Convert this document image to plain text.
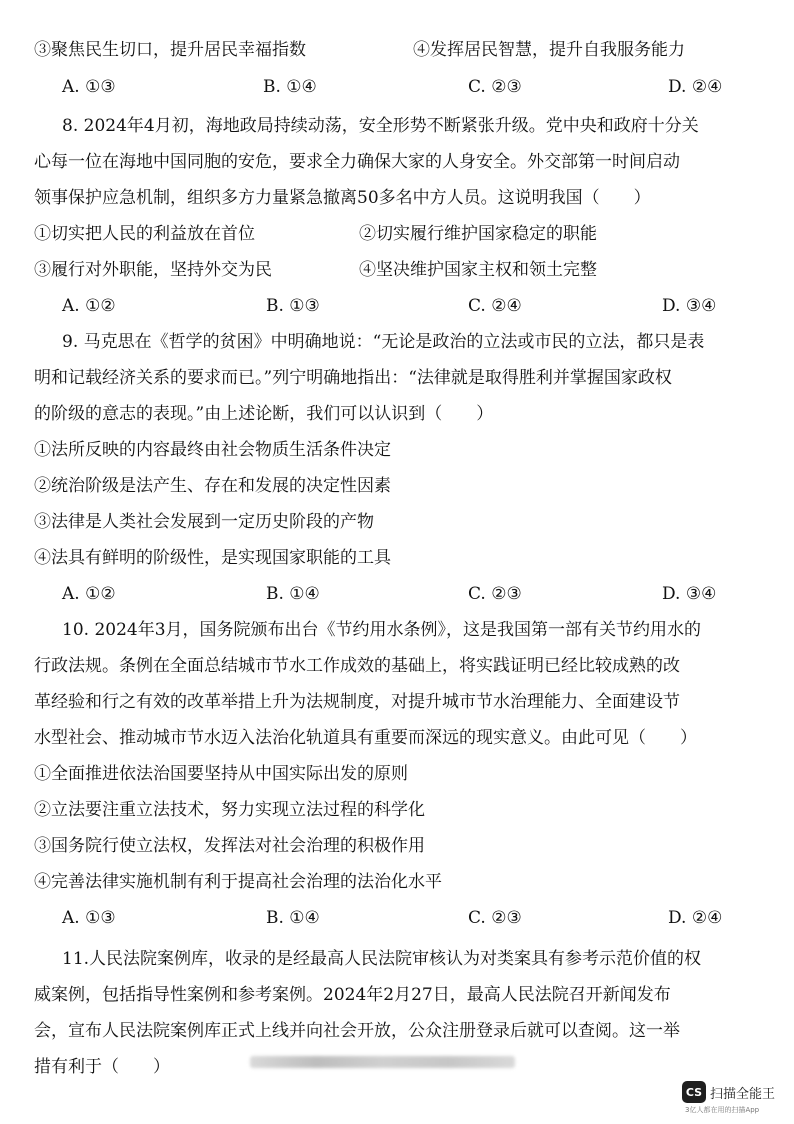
③聚焦民生切口，提升居民幸福指数	④发挥居民智慧，提升自我服务能力
A. ①③	B. ①④	C. ②③	D. ②④
8. 2024年4月初，海地政局持续动荡，安全形势不断紧张升级。党中央和政府十分关
心每一位在海地中国同胞的安危，要求全力确保大家的人身安全。外交部第一时间启动
领事保护应急机制，组织多方力量紧急撤离50多名中方人员。这说明我国（　　）
①切实把人民的利益放在首位	②切实履行维护国家稳定的职能
③履行对外职能，坚持外交为民	④坚决维护国家主权和领土完整
A. ①②	B. ①③	C. ②④	D. ③④
9. 马克思在《哲学的贫困》中明确地说：“无论是政治的立法或市民的立法，都只是表
明和记载经济关系的要求而已。”列宁明确地指出：“法律就是取得胜利并掌握国家政权
的阶级的意志的表现。”由上述论断，我们可以认识到（　　）
①法所反映的内容最终由社会物质生活条件决定
②统治阶级是法产生、存在和发展的决定性因素
③法律是人类社会发展到一定历史阶段的产物
④法具有鲜明的阶级性，是实现国家职能的工具
A. ①②	B. ①④	C. ②③	D. ③④
10. 2024年3月，国务院颁布出台《节约用水条例》，这是我国第一部有关节约用水的
行政法规。条例在全面总结城市节水工作成效的基础上，将实践证明已经比较成熟的改
革经验和行之有效的改革举措上升为法规制度，对提升城市节水治理能力、全面建设节
水型社会、推动城市节水迈入法治化轨道具有重要而深远的现实意义。由此可见（　　）
①全面推进依法治国要坚持从中国实际出发的原则
②立法要注重立法技术，努力实现立法过程的科学化
③国务院行使立法权，发挥法对社会治理的积极作用
④完善法律实施机制有利于提高社会治理的法治化水平
A. ①③	B. ①④	C. ②③	D. ②④
11.人民法院案例库，收录的是经最高人民法院审核认为对类案具有参考示范价值的权
威案例，包括指导性案例和参考案例。2024年2月27日，最高人民法院召开新闻发布
会，宣布人民法院案例库正式上线并向社会开放，公众注册登录后就可以查阅。这一举
措有利于（　　）
CS 扫描全能王
3亿人都在用的扫描App
